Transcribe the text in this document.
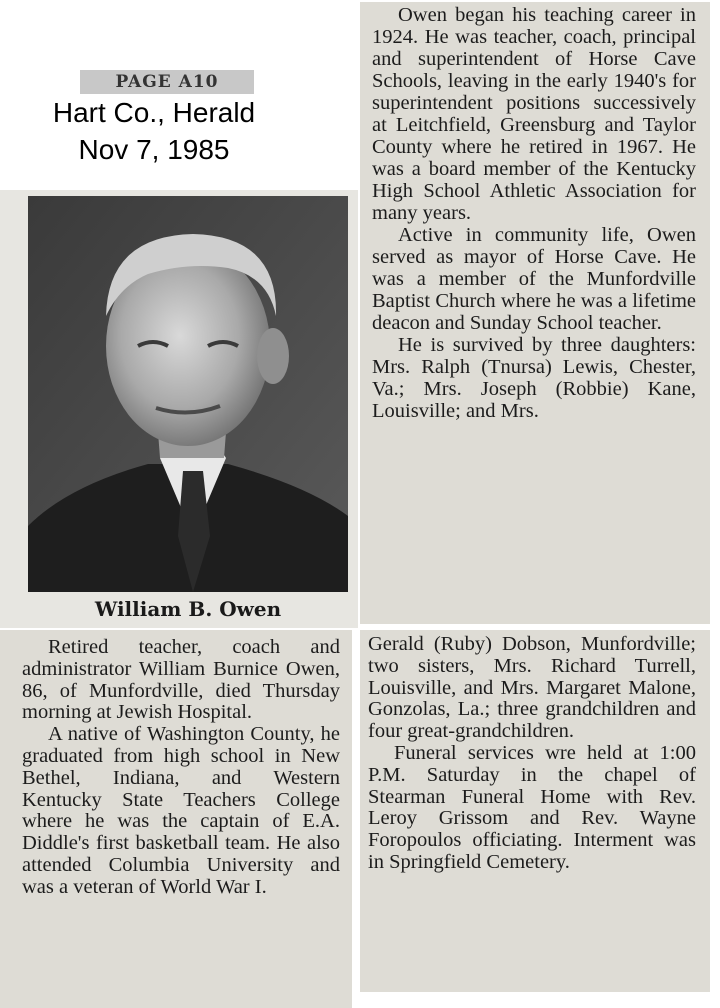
PAGE A10
Hart Co., Herald
Nov 7, 1985
William B. Owen

Owen began his teaching career in 1924. He was teacher, coach, principal and superintendent of Horse Cave Schools, leaving in the early 1940's for superintendent positions successively at Leitchfield, Greensburg and Taylor County where he retired in 1967. He was a board member of the Kentucky High School Athletic Association for many years.

Active in community life, Owen served as mayor of Horse Cave. He was a member of the Munfordville Baptist Church where he was a lifetime deacon and Sunday School teacher.

He is survived by three daughters: Mrs. Ralph (Tnursa) Lewis, Chester, Va.; Mrs. Joseph (Robbie) Kane, Louisville; and Mrs.

Retired teacher, coach and administrator William Burnice Owen, 86, of Munfordville, died Thursday morning at Jewish Hospital.

A native of Washington County, he graduated from high school in New Bethel, Indiana, and Western Kentucky State Teachers College where he was the captain of E.A. Diddle's first basketball team. He also attended Columbia University and was a veteran of World War I.

Gerald (Ruby) Dobson, Munfordville; two sisters, Mrs. Richard Turrell, Louisville, and Mrs. Margaret Malone, Gonzolas, La.; three grandchildren and four great-grandchildren.

Funeral services wre held at 1:00 P.M. Saturday in the chapel of Stearman Funeral Home with Rev. Leroy Grissom and Rev. Wayne Foropoulos officiating. Interment was in Springfield Cemetery.
